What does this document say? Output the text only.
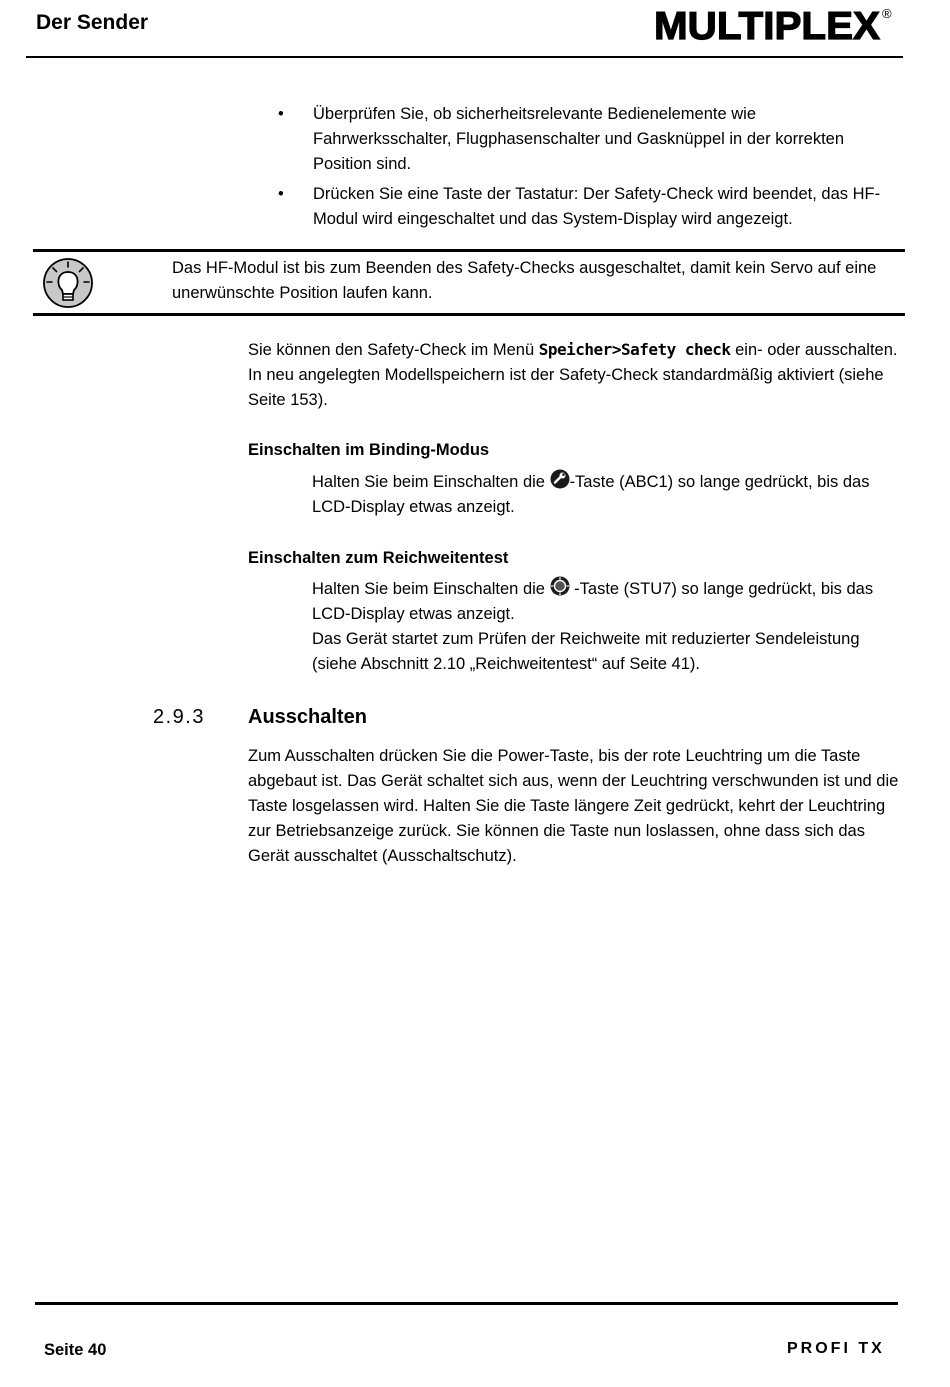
Der Sender	MULTIPLEX ®
• Überprüfen Sie, ob sicherheitsrelevante Bedienelemente wie Fahrwerksschalter, Flugphasenschalter und Gasknüppel in der korrekten Position sind.
• Drücken Sie eine Taste der Tastatur: Der Safety-Check wird beendet, das HF-Modul wird eingeschaltet und das System-Display wird angezeigt.
Das HF-Modul ist bis zum Beenden des Safety-Checks ausgeschaltet, damit kein Servo auf eine unerwünschte Position laufen kann.
Sie können den Safety-Check im Menü Speicher>Safety check ein- oder ausschalten. In neu angelegten Modellspeichern ist der Safety-Check standardmäßig aktiviert (siehe Seite 153).
Einschalten im Binding-Modus
Halten Sie beim Einschalten die -Taste (ABC1) so lange gedrückt, bis das LCD-Display etwas anzeigt.
Einschalten zum Reichweitentest
Halten Sie beim Einschalten die  -Taste (STU7) so lange gedrückt, bis das LCD-Display etwas anzeigt.
Das Gerät startet zum Prüfen der Reichweite mit reduzierter Sendeleistung (siehe Abschnitt 2.10 „Reichweitentest“ auf Seite 41).
2.9.3 Ausschalten
Zum Ausschalten drücken Sie die Power-Taste, bis der rote Leuchtring um die Taste abgebaut ist. Das Gerät schaltet sich aus, wenn der Leuchtring verschwunden ist und die Taste losgelassen wird. Halten Sie die Taste längere Zeit gedrückt, kehrt der Leuchtring zur Betriebsanzeige zurück. Sie können die Taste nun loslassen, ohne dass sich das Gerät ausschaltet (Ausschaltschutz).
Seite 40	PROFI TX
